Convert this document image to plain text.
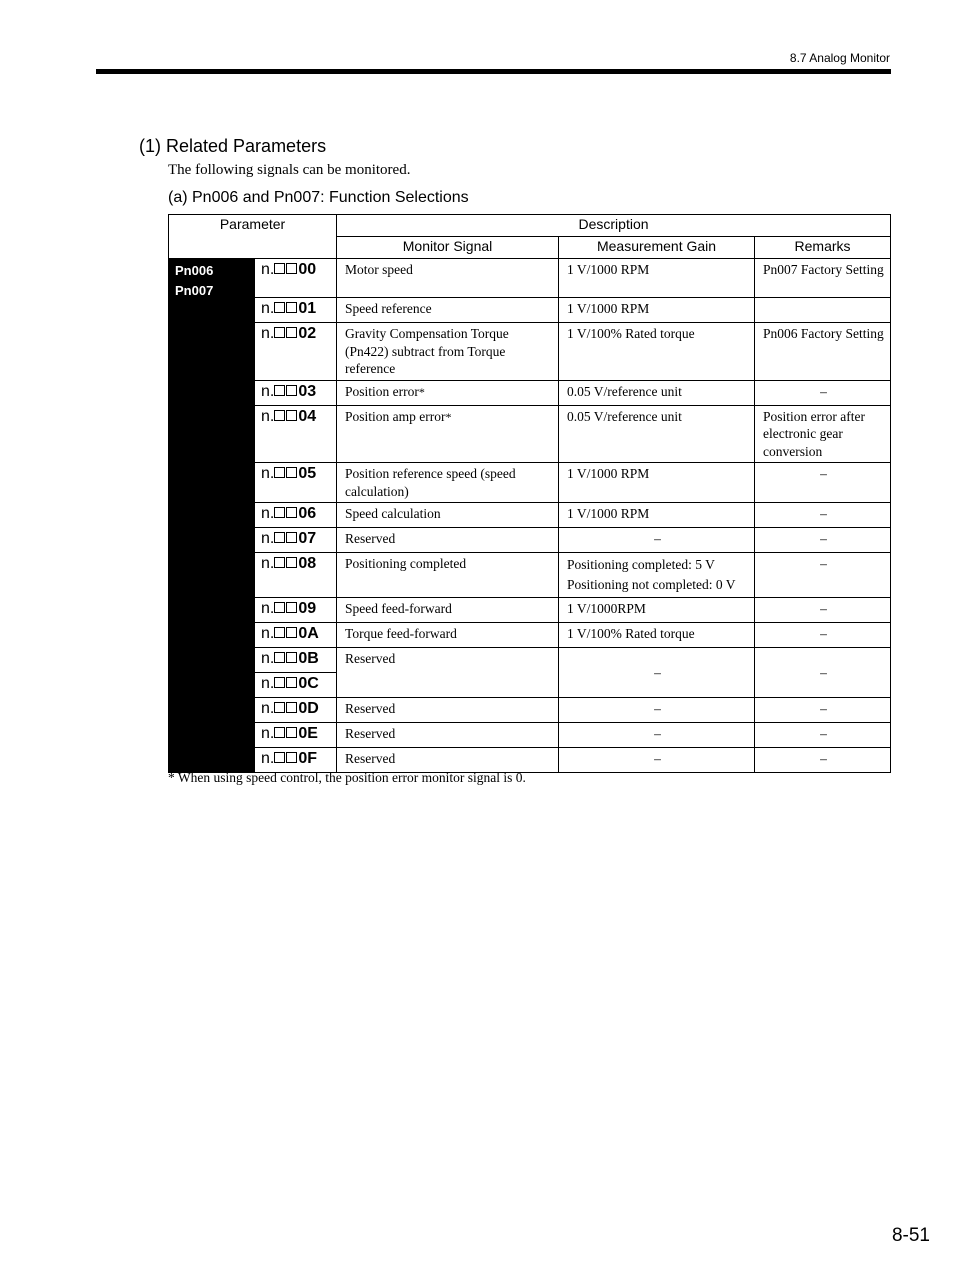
8.7 Analog Monitor
(1) Related Parameters
The following signals can be monitored.
(a) Pn006 and Pn007: Function Selections
Parameter		Description		
		Monitor Signal	Measurement Gain	Remarks

Pn006
Pn007	n. 00	Motor speed	1 V/1000 RPM	Pn007 Factory Setting
	n. 01	Speed reference	1 V/1000 RPM	
	n. 02	Gravity Compensation Torque (Pn422) subtract from Torque reference	1 V/100% Rated torque	Pn006 Factory Setting
	n. 03	Position error*	0.05 V/reference unit	–
	n. 04	Position amp error*	0.05 V/reference unit	Position error after electronic gear conversion
	n. 05	Position reference speed (speed calculation)	1 V/1000 RPM	–
	n. 06	Speed calculation	1 V/1000 RPM	–
	n. 07	Reserved	–	–
	n. 08	Positioning completed	Positioning completed: 5 V
Positioning not completed: 0 V	–
	n. 09	Speed feed-forward	1 V/1000RPM	–
	n. 0A	Torque feed-forward	1 V/100% Rated torque	–
	n. 0B	Reserved	–	–
	n. 0C			
	n. 0D	Reserved	–	–
	n. 0E	Reserved	–	–
	n. 0F	Reserved	–	–
* When using speed control, the position error monitor signal is 0.
8-51
